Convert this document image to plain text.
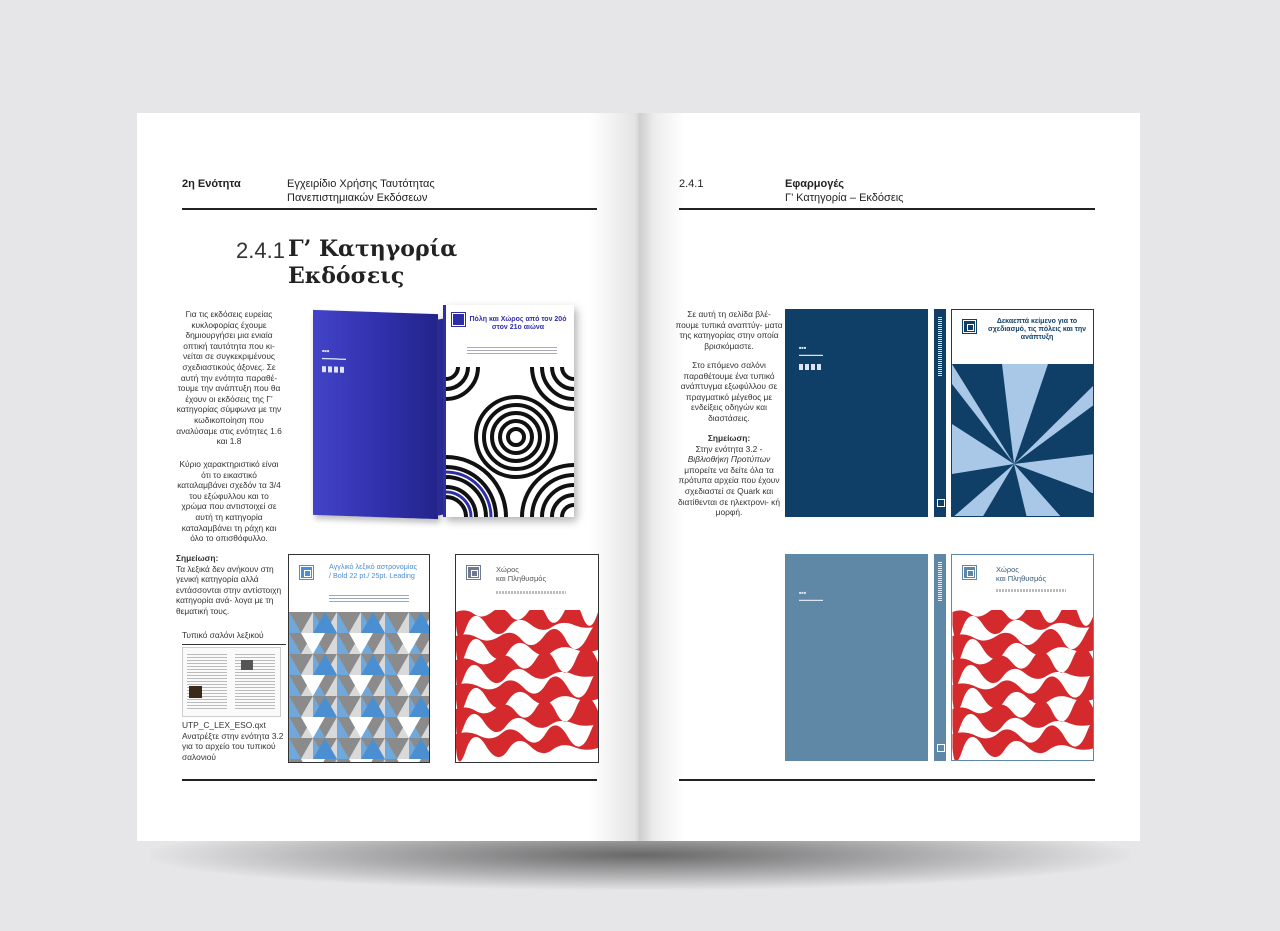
2η Ενότητα	Εγχειρίδιο Χρήσης Ταυτότητας
Πανεπιστημιακών Εκδόσεων
2.4.1 Γ’ Κατηγορία
Εκδόσεις
Για τις εκδόσεις ευρείας κυκλοφορίας έχουμε δημιουργήσει μια ενιαία οπτική ταυτότητα που κι- νείται σε συγκεκριμένους σχεδιαστικούς άξονες. Σε αυτή την ενότητα παραθέ- τουμε την ανάπτυξη που θα έχουν οι εκδόσεις της Γ’ κατηγορίας σύμφωνα με την κωδικοποίηση που αναλύσαμε στις ενότητες 1.6 και 1.8
Κύριο χαρακτηριστικό είναι ότι το εικαστικό καταλαμβάνει σχεδόν τα 3/4 του εξώφυλλου και το χρώμα που αντιστοιχεί σε αυτή τη κατηγορία καταλαμβάνει τη ράχη και όλο το οπισθόφυλλο.
Σημείωση:
Τα λεξικά δεν ανήκουν στη γενική κατηγορία αλλά εντάσσονται στην αντίστοιχη κατηγορία ανά- λογα με τη θεματική τους.
Τυπικό σαλόνι λεξικού
UTP_C_LEX_ESO.qxt
Ανατρέξτε στην ενότητα 3.2 για το αρχείο του τυπικού σαλονιού
■■■
▬▬▬▬▬▬
Πόλη και Χώρος από τον 20ό στον 21ο αιώνα
Αγγλικό λεξικό αστρονομίας / Bold 22 pt./ 25pt. Leading
Χώρος
και Πληθυσμός
2.4.1	Εφαρμογές
Γ’ Κατηγορία – Εκδόσεις
Σε αυτή τη σελίδα βλέ- πουμε τυπικά αναπτύγ- ματα της κατηγορίας στην οποία βρισκόμαστε.
Στο επόμενο σαλόνι παραθέτουμε ένα τυπικό ανάπτυγμα εξωφύλλου σε πραγματικό μέγεθος με ενδείξεις οδηγών και διαστάσεις.
Σημείωση:
Στην ενότητα 3.2 -
Βιβλιοθήκη Προτύπων
μπορείτε να δείτε όλα τα πρότυπα αρχεία που έχουν σχεδιαστεί σε Quark και διατίθενται σε ηλεκτρονι- κή μορφή.
■■■
▬▬▬▬▬▬
Δεκαεπτά κείμενο για το σχεδιασμό, τις πόλεις και την ανάπτυξη
■■■
▬▬▬▬▬▬
Χώρος
και Πληθυσμός
